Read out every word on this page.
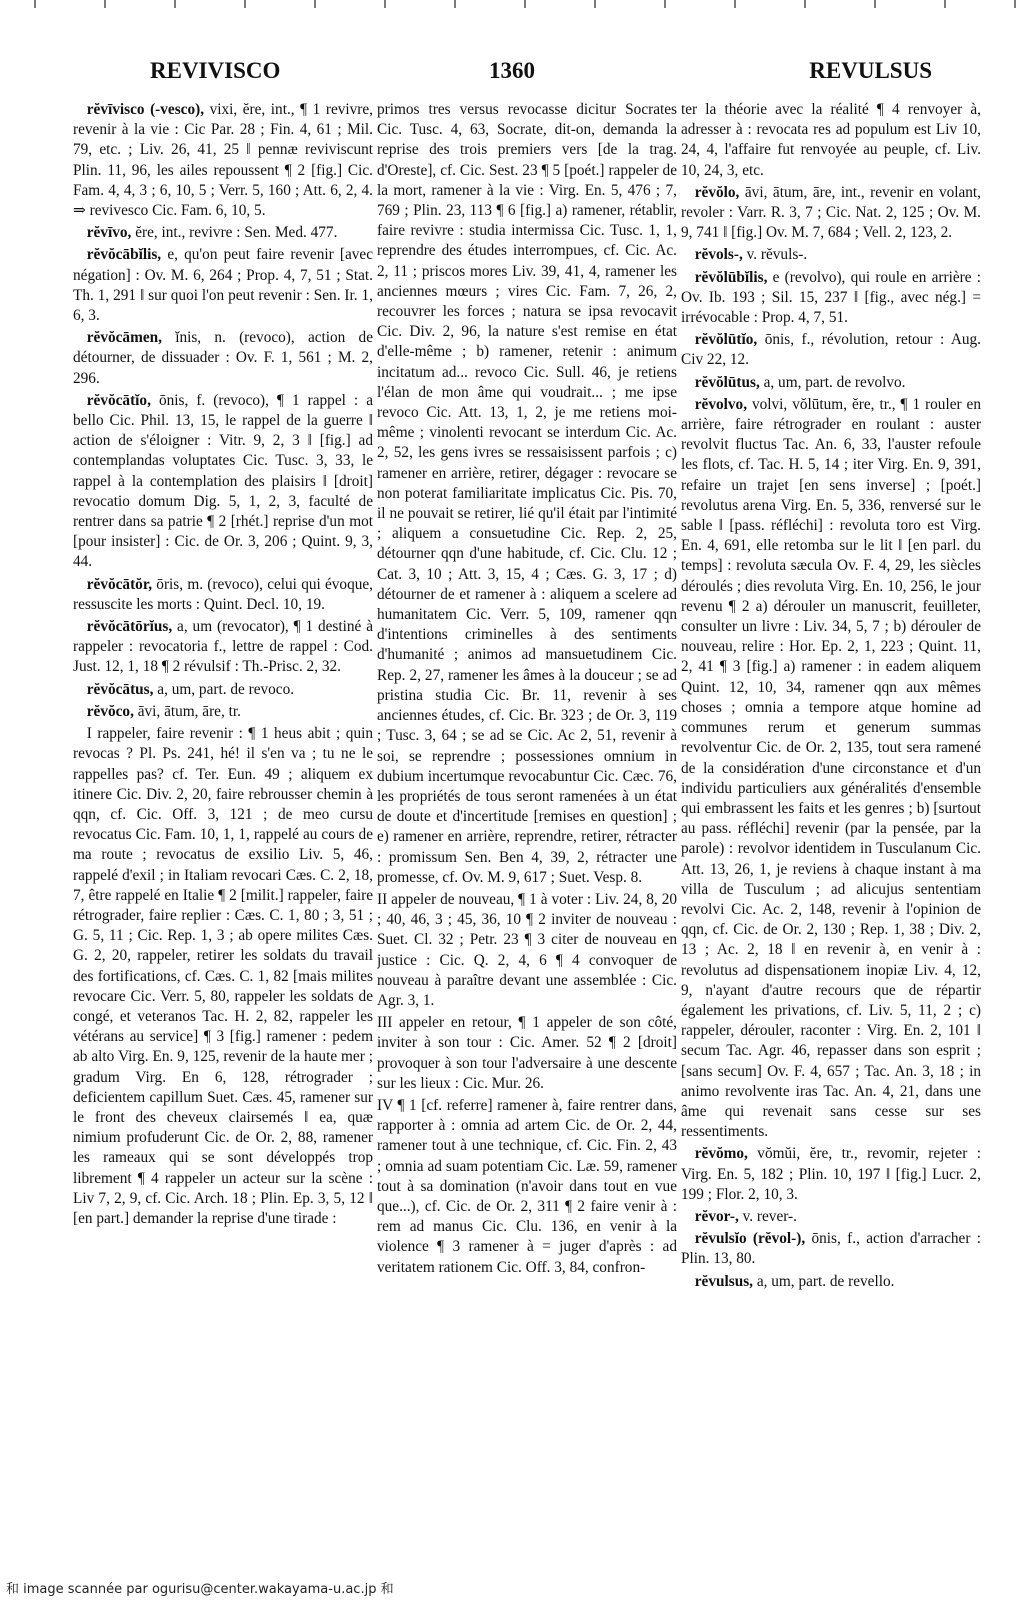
REVIVISCO	1360	REVULSUS

rĕvīvisco (-vesco), vixi, ĕre, int., ¶ 1 revivre, revenir à la vie : Cic Par. 28 ; Fin. 4, 61 ; Mil. 79, etc. ; Liv. 26, 41, 25 ‖ pennæ reviviscunt Plin. 11, 96, les ailes repoussent ¶ 2 [fig.] Cic. Fam. 4, 4, 3 ; 6, 10, 5 ; Verr. 5, 160 ; Att. 6, 2, 4. ⇒ revivesco Cic. Fam. 6, 10, 5.

rĕvīvo, ĕre, int., revivre : Sen. Med. 477.

rĕvŏcābĭlis, e, qu'on peut faire revenir [avec négation] : Ov. M. 6, 264 ; Prop. 4, 7, 51 ; Stat. Th. 1, 291 ‖ sur quoi l'on peut revenir : Sen. Ir. 1, 6, 3.

rĕvŏcāmen, ĭnis, n. (revoco), action de détourner, de dissuader : Ov. F. 1, 561 ; M. 2, 296.

rĕvŏcātĭo, ōnis, f. (revoco), ¶ 1 rappel : a bello Cic. Phil. 13, 15, le rappel de la guerre ‖ action de s'éloigner : Vitr. 9, 2, 3 ‖ [fig.] ad contemplandas voluptates Cic. Tusc. 3, 33, le rappel à la contemplation des plaisirs ‖ [droit] revocatio domum Dig. 5, 1, 2, 3, faculté de rentrer dans sa patrie ¶ 2 [rhét.] reprise d'un mot [pour insister] : Cic. de Or. 3, 206 ; Quint. 9, 3, 44.

rĕvŏcātŏr, ōris, m. (revoco), celui qui évoque, ressuscite les morts : Quint. Decl. 10, 19.

rĕvŏcātōrĭus, a, um (revocator), ¶ 1 destiné à rappeler : revocatoria f., lettre de rappel : Cod. Just. 12, 1, 18 ¶ 2 révulsif : Th.-Prisc. 2, 32.

rĕvŏcātus, a, um, part. de revoco.

rĕvŏco, āvi, ātum, āre, tr.

I rappeler, faire revenir : ¶ 1 heus abit ; quin revocas ? Pl. Ps. 241, hé! il s'en va ; tu ne le rappelles pas? cf. Ter. Eun. 49 ; aliquem ex itinere Cic. Div. 2, 20, faire rebrousser chemin à qqn, cf. Cic. Off. 3, 121 ; de meo cursu revocatus Cic. Fam. 10, 1, 1, rappelé au cours de ma route ; revocatus de exsilio Liv. 5, 46, rappelé d'exil ; in Italiam revocari Cæs. C. 2, 18, 7, être rappelé en Italie ¶ 2 [milit.] rappeler, faire rétrograder, faire replier : Cæs. C. 1, 80 ; 3, 51 ; G. 5, 11 ; Cic. Rep. 1, 3 ; ab opere milites Cæs. G. 2, 20, rappeler, retirer les soldats du travail des fortifications, cf. Cæs. C. 1, 82 [mais milites revocare Cic. Verr. 5, 80, rappeler les soldats de congé, et veteranos Tac. H. 2, 82, rappeler les vétérans au service] ¶ 3 [fig.] ramener : pedem ab alto Virg. En. 9, 125, revenir de la haute mer ; gradum Virg. En 6, 128, rétrograder ; deficientem capillum Suet. Cæs. 45, ramener sur le front des cheveux clairsemés ‖ ea, quæ nimium profuderunt Cic. de Or. 2, 88, ramener les rameaux qui se sont développés trop librement ¶ 4 rappeler un acteur sur la scène : Liv 7, 2, 9, cf. Cic. Arch. 18 ; Plin. Ep. 3, 5, 12 ‖ [en part.] demander la reprise d'une tirade :

primos tres versus revocasse dicitur Socrates Cic. Tusc. 4, 63, Socrate, dit-on, demanda la reprise des trois premiers vers [de la trag. d'Oreste], cf. Cic. Sest. 23 ¶ 5 [poét.] rappeler de la mort, ramener à la vie : Virg. En. 5, 476 ; 7, 769 ; Plin. 23, 113 ¶ 6 [fig.] a) ramener, rétablir, faire revivre : studia intermissa Cic. Tusc. 1, 1, reprendre des études interrompues, cf. Cic. Ac. 2, 11 ; priscos mores Liv. 39, 41, 4, ramener les anciennes mœurs ; vires Cic. Fam. 7, 26, 2, recouvrer les forces ; natura se ipsa revocavit Cic. Div. 2, 96, la nature s'est remise en état d'elle-même ; b) ramener, retenir : animum incitatum ad... revoco Cic. Sull. 46, je retiens l'élan de mon âme qui voudrait... ; me ipse revoco Cic. Att. 13, 1, 2, je me retiens moi-même ; vinolenti revocant se interdum Cic. Ac. 2, 52, les gens ivres se ressaisissent parfois ; c) ramener en arrière, retirer, dégager : revocare se non poterat familiaritate implicatus Cic. Pis. 70, il ne pouvait se retirer, lié qu'il était par l'intimité ; aliquem a consuetudine Cic. Rep. 2, 25, détourner qqn d'une habitude, cf. Cic. Clu. 12 ; Cat. 3, 10 ; Att. 3, 15, 4 ; Cæs. G. 3, 17 ; d) détourner de et ramener à : aliquem a scelere ad humanitatem Cic. Verr. 5, 109, ramener qqn d'intentions criminelles à des sentiments d'humanité ; animos ad mansuetudinem Cic. Rep. 2, 27, ramener les âmes à la douceur ; se ad pristina studia Cic. Br. 11, revenir à ses anciennes études, cf. Cic. Br. 323 ; de Or. 3, 119 ; Tusc. 3, 64 ; se ad se Cic. Ac 2, 51, revenir à soi, se reprendre ; possessiones omnium in dubium incertumque revocabuntur Cic. Cæc. 76, les propriétés de tous seront ramenées à un état de doute et d'incertitude [remises en question] ; e) ramener en arrière, reprendre, retirer, rétracter : promissum Sen. Ben 4, 39, 2, rétracter une promesse, cf. Ov. M. 9, 617 ; Suet. Vesp. 8.

II appeler de nouveau, ¶ 1 à voter : Liv. 24, 8, 20 ; 40, 46, 3 ; 45, 36, 10 ¶ 2 inviter de nouveau : Suet. Cl. 32 ; Petr. 23 ¶ 3 citer de nouveau en justice : Cic. Q. 2, 4, 6 ¶ 4 convoquer de nouveau à paraître devant une assemblée : Cic. Agr. 3, 1.

III appeler en retour, ¶ 1 appeler de son côté, inviter à son tour : Cic. Amer. 52 ¶ 2 [droit] provoquer à son tour l'adversaire à une descente sur les lieux : Cic. Mur. 26.

IV ¶ 1 [cf. referre] ramener à, faire rentrer dans, rapporter à : omnia ad artem Cic. de Or. 2, 44, ramener tout à une technique, cf. Cic. Fin. 2, 43 ; omnia ad suam potentiam Cic. Læ. 59, ramener tout à sa domination (n'avoir dans tout en vue que...), cf. Cic. de Or. 2, 311 ¶ 2 faire venir à : rem ad manus Cic. Clu. 136, en venir à la violence ¶ 3 ramener à = juger d'après : ad veritatem rationem Cic. Off. 3, 84, confron-

ter la théorie avec la réalité ¶ 4 renvoyer à, adresser à : revocata res ad populum est Liv 10, 24, 4, l'affaire fut renvoyée au peuple, cf. Liv. 10, 24, 3, etc.

rĕvŏlo, āvi, ātum, āre, int., revenir en volant, revoler : Varr. R. 3, 7 ; Cic. Nat. 2, 125 ; Ov. M. 9, 741 ‖ [fig.] Ov. M. 7, 684 ; Vell. 2, 123, 2.

rĕvols-, v. rĕvuls-.

rĕvŏlūbĭlis, e (revolvo), qui roule en arrière : Ov. Ib. 193 ; Sil. 15, 237 ‖ [fig., avec nég.] = irrévocable : Prop. 4, 7, 51.

rĕvŏlūtĭo, ōnis, f., révolution, retour : Aug. Civ 22, 12.

rĕvŏlūtus, a, um, part. de revolvo.

rĕvolvo, volvi, vŏlūtum, ĕre, tr., ¶ 1 rouler en arrière, faire rétrograder en roulant : auster revolvit fluctus Tac. An. 6, 33, l'auster refoule les flots, cf. Tac. H. 5, 14 ; iter Virg. En. 9, 391, refaire un trajet [en sens inverse] ; [poét.] revolutus arena Virg. En. 5, 336, renversé sur le sable ‖ [pass. réfléchi] : revoluta toro est Virg. En. 4, 691, elle retomba sur le lit ‖ [en parl. du temps] : revoluta sæcula Ov. F. 4, 29, les siècles déroulés ; dies revoluta Virg. En. 10, 256, le jour revenu ¶ 2 a) dérouler un manuscrit, feuilleter, consulter un livre : Liv. 34, 5, 7 ; b) dérouler de nouveau, relire : Hor. Ep. 2, 1, 223 ; Quint. 11, 2, 41 ¶ 3 [fig.] a) ramener : in eadem aliquem Quint. 12, 10, 34, ramener qqn aux mêmes choses ; omnia a tempore atque homine ad communes rerum et generum summas revolventur Cic. de Or. 2, 135, tout sera ramené de la considération d'une circonstance et d'un individu particuliers aux généralités d'ensemble qui embrassent les faits et les genres ; b) [surtout au pass. réfléchi] revenir (par la pensée, par la parole) : revolvor identidem in Tusculanum Cic. Att. 13, 26, 1, je reviens à chaque instant à ma villa de Tusculum ; ad alicujus sententiam revolvi Cic. Ac. 2, 148, revenir à l'opinion de qqn, cf. Cic. de Or. 2, 130 ; Rep. 1, 38 ; Div. 2, 13 ; Ac. 2, 18 ‖ en revenir à, en venir à : revolutus ad dispensationem inopiæ Liv. 4, 12, 9, n'ayant d'autre recours que de répartir également les privations, cf. Liv. 5, 11, 2 ; c) rappeler, dérouler, raconter : Virg. En. 2, 101 ‖ secum Tac. Agr. 46, repasser dans son esprit ; [sans secum] Ov. F. 4, 657 ; Tac. An. 3, 18 ; in animo revolvente iras Tac. An. 4, 21, dans une âme qui revenait sans cesse sur ses ressentiments.

rĕvŏmo, vŏmŭi, ĕre, tr., revomir, rejeter : Virg. En. 5, 182 ; Plin. 10, 197 ‖ [fig.] Lucr. 2, 199 ; Flor. 2, 10, 3.

rĕvor-, v. rever-.

rĕvulsĭo (rĕvol-), ōnis, f., action d'arracher : Plin. 13, 80.

rĕvulsus, a, um, part. de revello.

和 image scannée par ogurisu@center.wakayama-u.ac.jp 和
